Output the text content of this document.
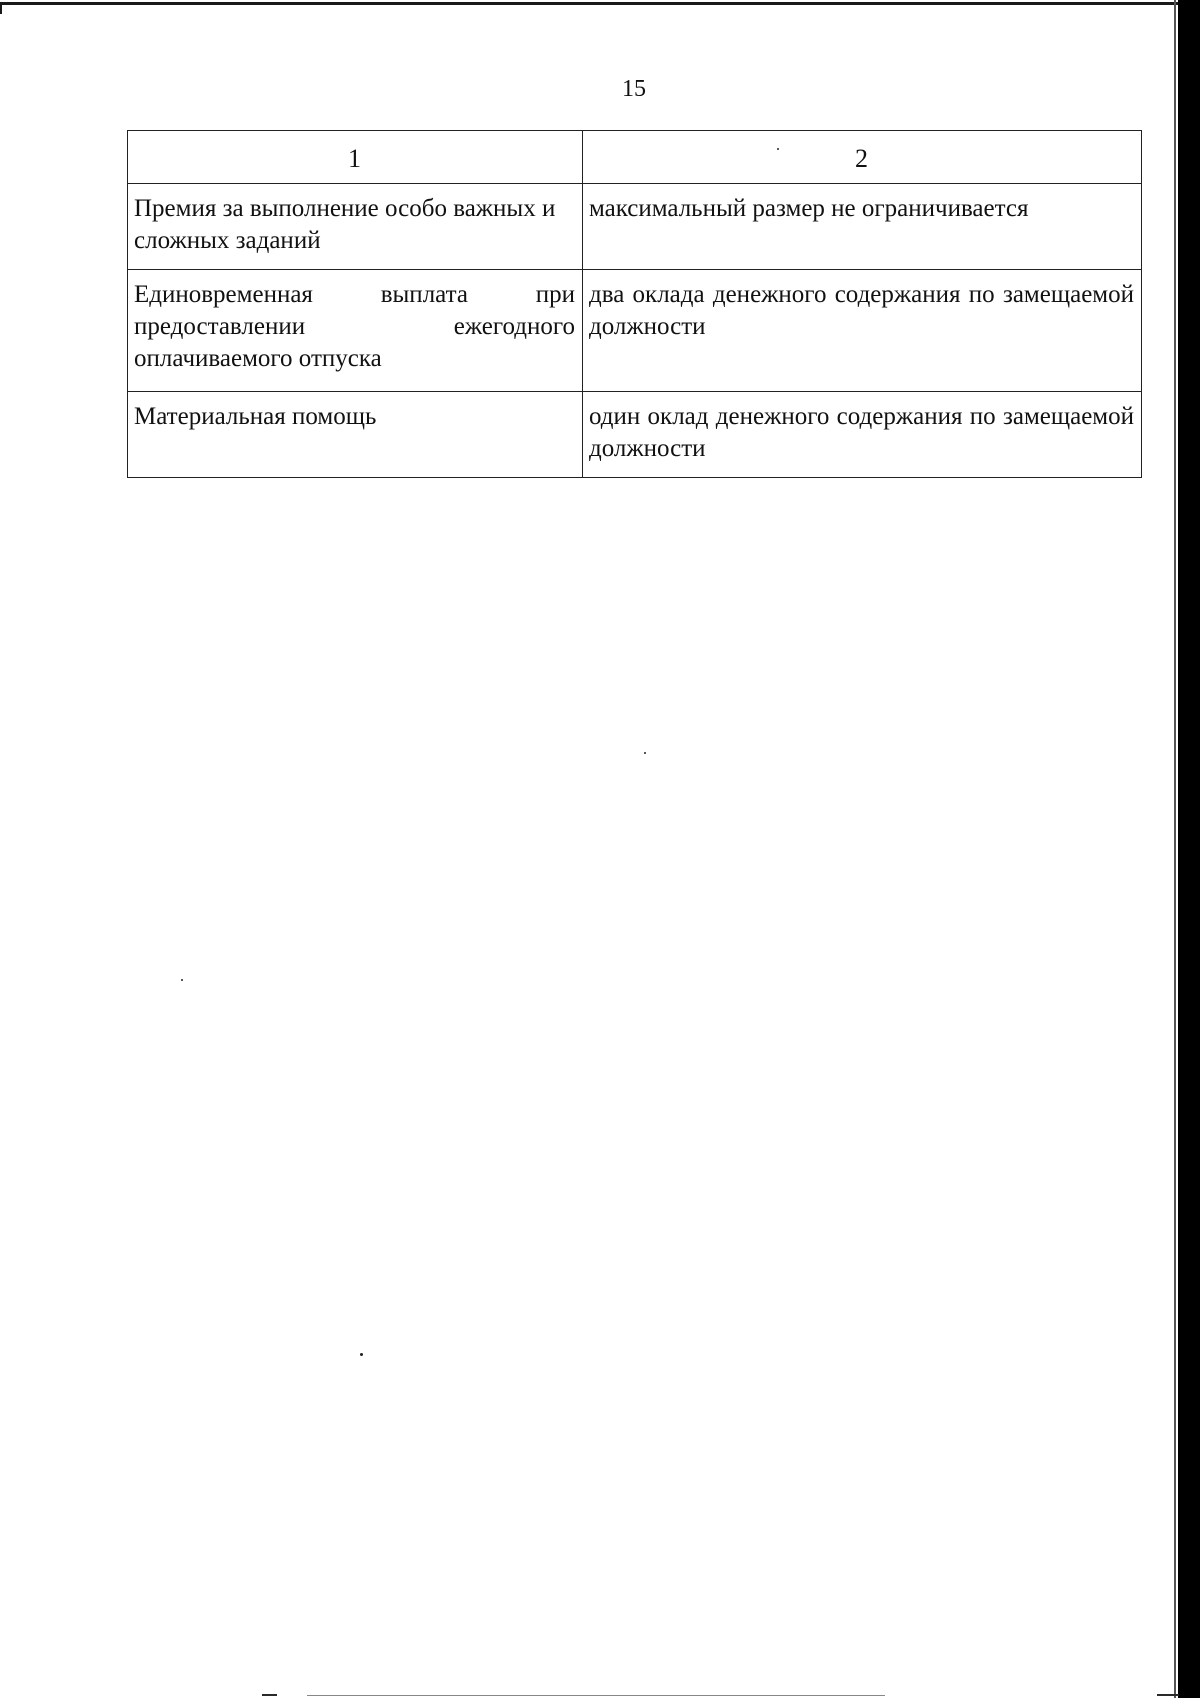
15
1	2
Премия за выполнение особо важных и сложных заданий	максимальный размер не ограничивается
Единовременная выплата при предоставлении ежегодного оплачиваемого отпуска	два оклада денежного содержания по замещаемой должности
Материальная помощь	один оклад денежного содержания по замещаемой должности
